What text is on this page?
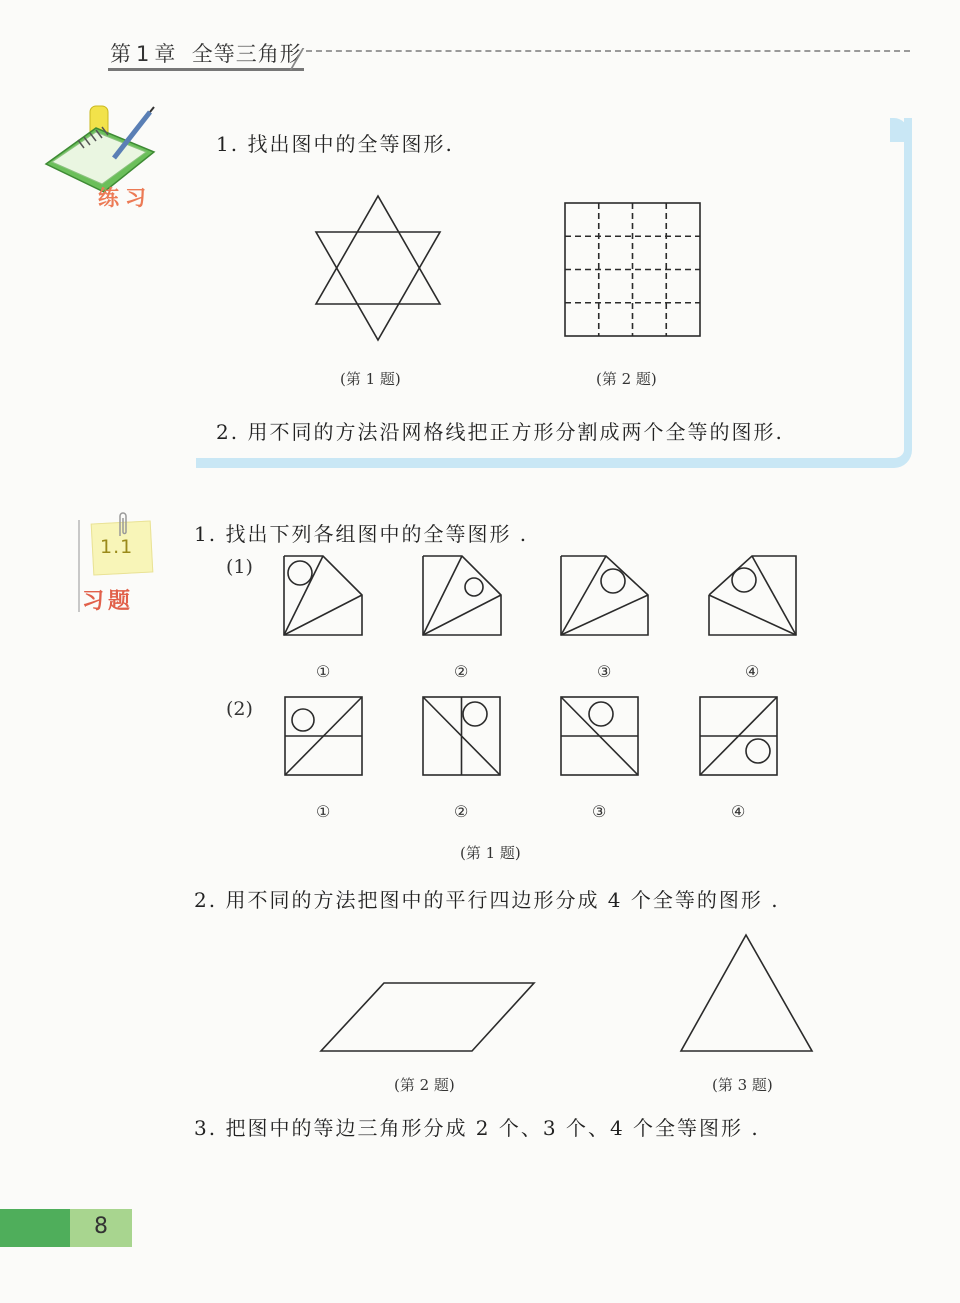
第 1 章 全等三角形
练习
1. 找出图中的全等图形.
(第 1 题)	(第 2 题)
2. 用不同的方法沿网格线把正方形分割成两个全等的图形.
1.1
习题
1. 找出下列各组图中的全等图形 .
(1)
(2)
①	②	③	④
①	②	③	④
(第 1 题)
2. 用不同的方法把图中的平行四边形分成 4 个全等的图形 .
(第 2 题)	(第 3 题)
3. 把图中的等边三角形分成 2 个、3 个、4 个全等图形 .
8
